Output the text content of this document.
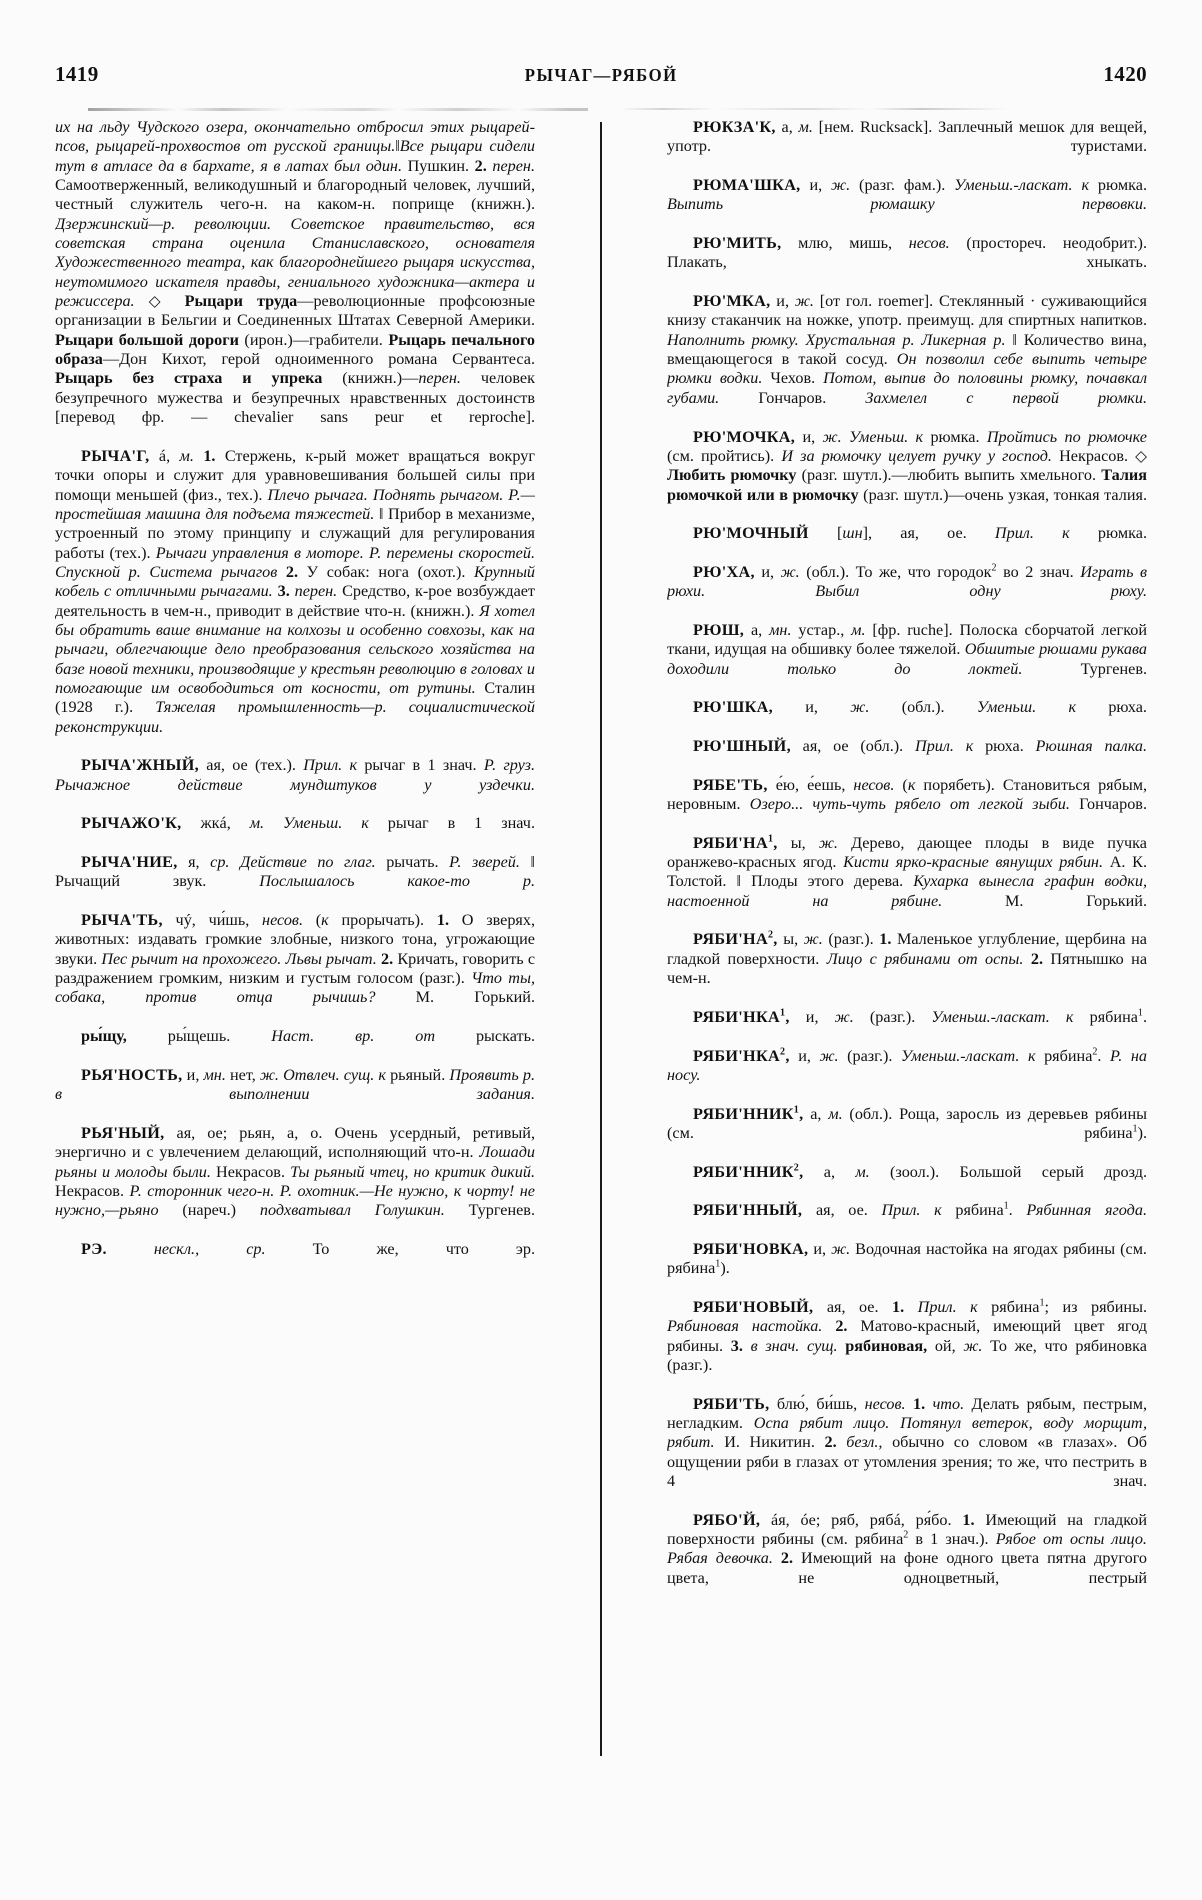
1419	РЫЧАГ—РЯБОЙ	1420

их на льду Чудского озера, окончательно отбросил этих рыцарей-псов, рыцарей-прохвостов от русской границы.‖Все рыцари сидели тут в атласе да в бархате, я в латах был один. Пушкин. 2. перен. Самоотверженный, великодушный и благородный человек, лучший, честный служитель чего-н. на каком-н. поприще (книжн.). Дзержинский—р. революции. Советское правительство, вся советская страна оценила Станиславского, основателя Художественного театра, как благороднейшего рыцаря искусства, неутомимого искателя правды, гениального художника—актера и режиссера. ◇ Рыцари труда—революционные профсоюзные организации в Бельгии и Соединенных Штатах Северной Америки. Рыцари большой дороги (ирон.)—грабители. Рыцарь печального образа—Дон Кихот, герой одноименного романа Сервантеса. Рыцарь без страха и упрека (книжн.)—перен. человек безупречного мужества и безупречных нравственных достоинств [перевод фр. — chevalier sans peur et reproche].

РЫЧА'Г, á, м. 1. Стержень, к-рый может вращаться вокруг точки опоры и служит для уравновешивания большей силы при помощи меньшей (физ., тех.). Плечо рычага. Поднять рычагом. Р.—простейшая машина для подъема тяжестей. ‖ Прибор в механизме, устроенный по этому принципу и служащий для регулирования работы (тех.). Рычаги управления в моторе. Р. перемены скоростей. Спускной р. Система рычагов 2. У собак: нога (охот.). Крупный кобель с отличными рычагами. 3. перен. Средство, к-рое возбуждает деятельность в чем-н., приводит в действие что-н. (книжн.). Я хотел бы обратить ваше внимание на колхозы и особенно совхозы, как на рычаги, облегчающие дело преобразования сельского хозяйства на базе новой техники, производящие у крестьян революцию в головах и помогающие им освободиться от косности, от рутины. Сталин (1928 г.). Тяжелая промышленность—р. социалистической реконструкции.

РЫЧА'ЖНЫЙ, ая, ое (тех.). Прил. к рычаг в 1 знач. Р. груз. Рычажное действие мундштуков у уздечки.

РЫЧАЖО'К, жкá, м. Уменьш. к рычаг в 1 знач.

РЫЧА'НИЕ, я, ср. Действие по глаг. рычать. Р. зверей. ‖ Рычащий звук. Послышалось какое-то р.

РЫЧА'ТЬ, чý, чи́шь, несов. (к прорычать). 1. О зверях, животных: издавать громкие злобные, низкого тона, угрожающие звуки. Пес рычит на прохожего. Львы рычат. 2. Кричать, говорить с раздражением громким, низким и густым голосом (разг.). Что ты, собака, против отца рычишь? М. Горький.

ры́щу, ры́щешь. Наст. вр. от рыскать.

РЬЯ'НОСТЬ, и, мн. нет, ж. Отвлеч. сущ. к рьяный. Проявить р. в выполнении задания.

РЬЯ'НЫЙ, ая, ое; рьян, а, о. Очень усердный, ретивый, энергично и с увлечением делающий, исполняющий что-н. Лошади рьяны и молоды были. Некрасов. Ты рьяный чтец, но критик дикий. Некрасов. Р. сторонник чего-н. Р. охотник.—Не нужно, к чорту! не нужно,—рьяно (нареч.) подхватывал Голушкин. Тургенев.

РЭ.	нескл., ср. То же, что эр.

РЮКЗА'К, а, м. [нем. Rucksack]. Заплечный мешок для вещей, употр. туристами.

РЮМА'ШКА, и, ж. (разг. фам.). Уменьш.-ласкат. к рюмка. Выпить рюмашку первовки.

РЮ'МИТЬ, млю, мишь, несов. (простореч. неодобрит.). Плакать, хныкать.

РЮ'МКА, и, ж. [от гол. roemer]. Стеклянный · суживающийся книзу стаканчик на ножке, употр. преимущ. для спиртных напитков. Наполнить рюмку. Хрустальная р. Ликерная р. ‖ Количество вина, вмещающегося в такой сосуд. Он позволил себе выпить четыре рюмки водки. Чехов. Потом, выпив до половины рюмку, почавкал губами. Гончаров. Захмелел с первой рюмки.

РЮ'МОЧКА, и, ж. Уменьш. к рюмка. Пройтись по рюмочке (см. пройтись). И за рюмочку целует ручку у господ. Некрасов. ◇ Любить рюмочку (разг. шутл.).—любить выпить хмельного. Талия рюмочкой или в рюмочку (разг. шутл.)—очень узкая, тонкая талия.

РЮ'МОЧНЫЙ [шн], ая, ое. Прил. к рюмка.

РЮ'ХА, и, ж. (обл.). То же, что городок$^2$ во 2 знач. Играть в рюхи. Выбил одну рюху.

РЮШ, а, мн. устар., м. [фр. ruche]. Полоска сборчатой легкой ткани, идущая на обшивку более тяжелой. Обшитые рюшами рукава доходили только до локтей. Тургенев.

РЮ'ШКА, и, ж. (обл.). Уменьш. к рюха.

РЮ'ШНЫЙ, ая, ое (обл.). Прил. к рюха. Рюшная палка.

РЯБЕ'ТЬ, е́ю, е́ешь, несов. (к порябеть). Становиться рябым, неровным. Озеро... чуть-чуть рябело от легкой зыби. Гончаров.

$РЯБИ'НА^1$, ы, ж. Дерево, дающее плоды в виде пучка оранжево-красных ягод. Кисти ярко-красные вянущих рябин. А. К. Толстой. ‖ Плоды этого дерева. Кухарка вынесла графин водки, настоенной на рябине. М. Горький.

$РЯБИ'НА^2$, ы, ж. (разг.). 1. Маленькое углубление, щербина на гладкой поверхности. Лицо с рябинами от оспы. 2. Пятнышко на чем-н.

РЯБИ'НКА$^1$, и, ж. (разг.). Уменьш.-ласкат. к рябина$^1$.

РЯБИ'НКА$^2$, и, ж. (разг.). Уменьш.-ласкат. к рябина$^2$. Р. на носу.

РЯБИ'ННИК$^1$, а, м. (обл.). Роща, заросль из деревьев рябины (см. рябина$^1$).

РЯБИ'ННИК$^2$, а, м. (зоол.). Большой серый дрозд.

РЯБИ'ННЫЙ, ая, ое. Прил. к рябина$^1$. Рябинная ягода.

РЯБИ'НОВКА, и, ж. Водочная настойка на ягодах рябины (см. рябина$^1$).

РЯБИ'НОВЫЙ, ая, ое. 1. Прил. к рябина$^1$; из рябины. Рябиновая настойка. 2. Матово-красный, имеющий цвет ягод рябины. 3. в знач. сущ. рябиновая, ой, ж. То же, что рябиновка (разг.).

РЯБИ'ТЬ, блю́, би́шь, несов. 1. что. Делать рябым, пестрым, негладким. Оспа рябит лицо. Потянул ветерок, воду морщит, рябит. И. Никитин. 2. безл., обычно со словом «в глазах». Об ощущении ряби в глазах от утомления зрения; то же, что пестрить в 4 знач.

РЯБО'Й, áя, óе; ряб, рябá, ря́бо. 1. Имеющий на гладкой поверхности рябины (см. рябина$^2$ в 1 знач.). Рябое от оспы лицо. Рябая девочка. 2. Имеющий на фоне одного цвета пятна другого цвета, не одноцветный, пестрый
